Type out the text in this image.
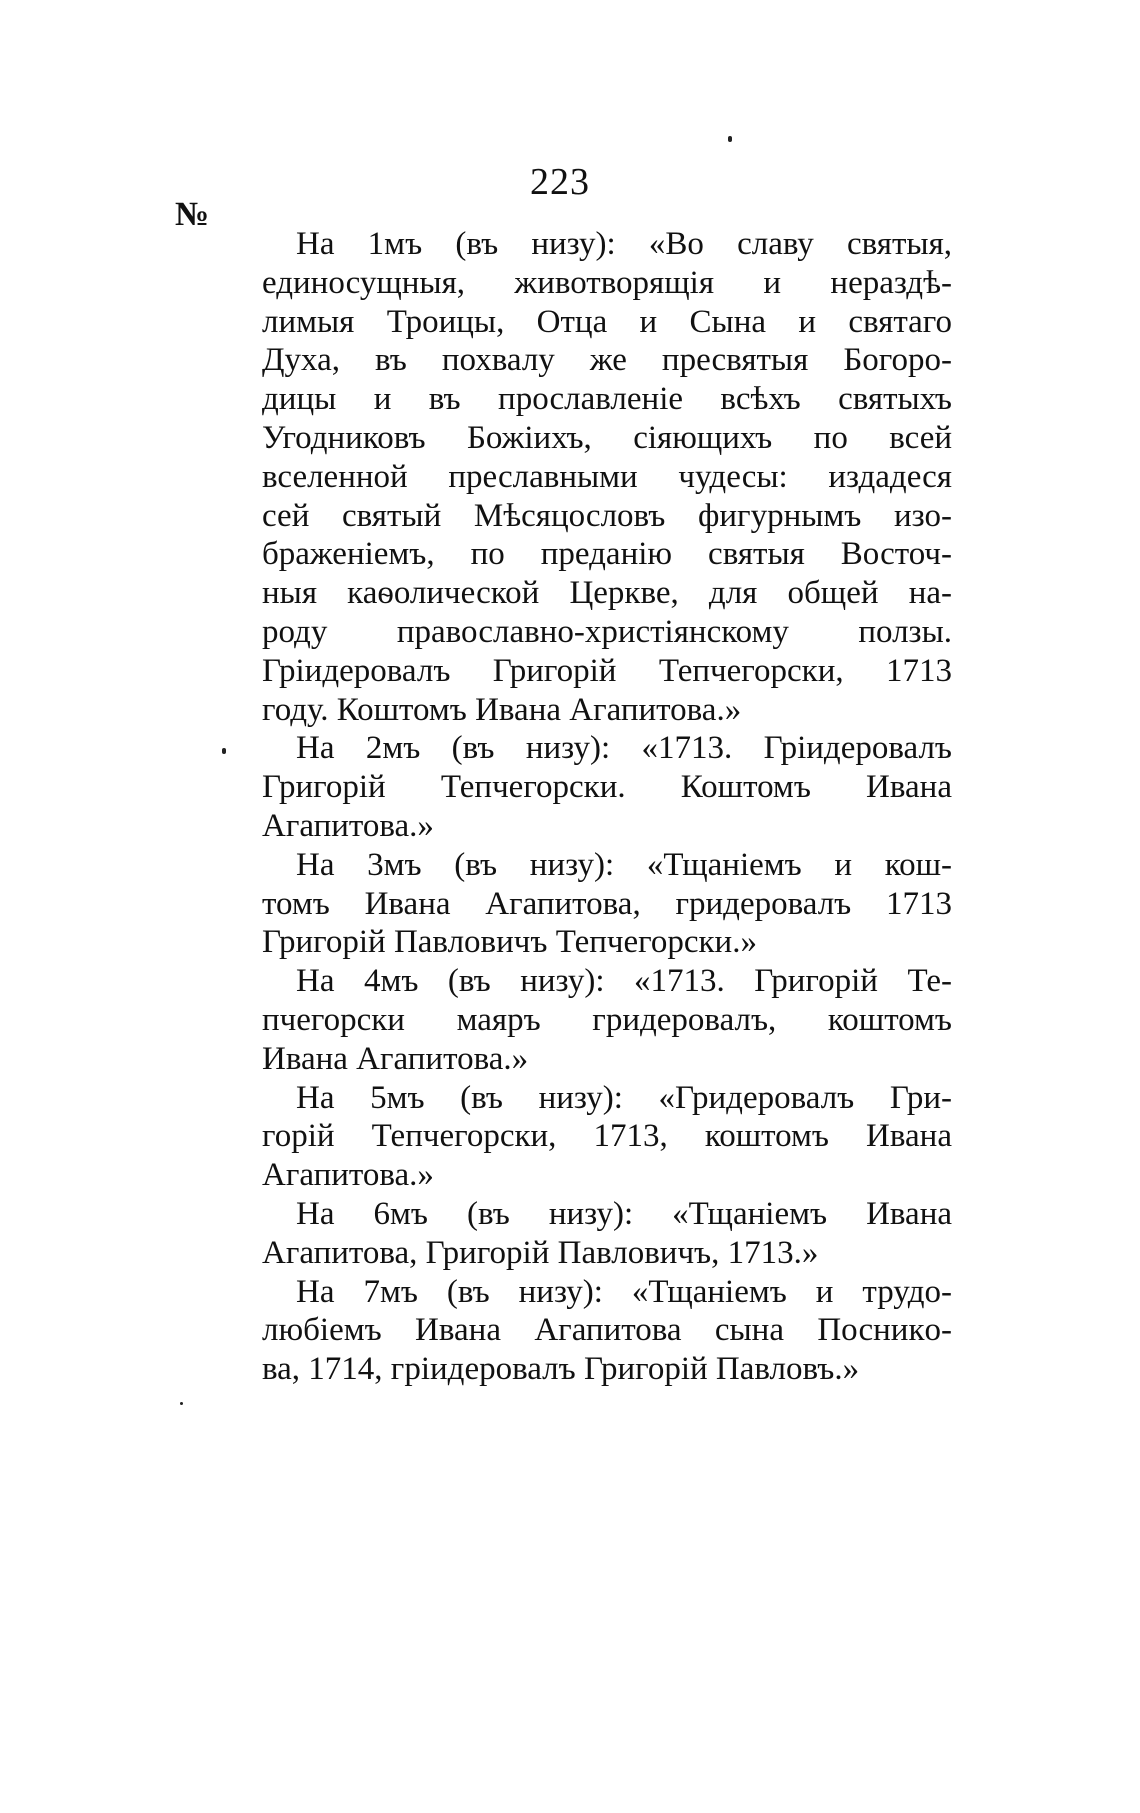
223
№
На 1мъ (въ низу): «Во славу святыя,
единосущныя, животворящія и нераздѣ-
лимыя Троицы, Отца и Сына и святаго
Духа, въ похвалу же пресвятыя Богоро-
дицы и въ прославленіе всѣхъ святыхъ
Угодниковъ Божіихъ, сіяющихъ по всей
вселенной преславными чудесы: издадеся
сей святый Мѣсяцословъ фигурнымъ изо-
браженіемъ, по преданію святыя Восточ-
ныя каѳолической Церкве, для общей на-
роду православно-христіянскому ползы.
Гріидеровалъ Григорій Тепчегорски, 1713
году. Коштомъ Ивана Агапитова.»
На 2мъ (въ низу): «1713. Гріидеровалъ
Григорій Тепчегорски. Коштомъ Ивана
Агапитова.»
На 3мъ (въ низу): «Тщаніемъ и кош-
томъ Ивана Агапитова, гридеровалъ 1713
Григорій Павловичъ Тепчегорски.»
На 4мъ (въ низу): «1713. Григорій Те-
пчегорски маяръ гридеровалъ, коштомъ
Ивана Агапитова.»
На 5мъ (въ низу): «Гридеровалъ Гри-
горій Тепчегорски, 1713, коштомъ Ивана
Агапитова.»
На 6мъ (въ низу): «Тщаніемъ Ивана
Агапитова, Григорій Павловичъ, 1713.»
На 7мъ (въ низу): «Тщаніемъ и трудо-
любіемъ Ивана Агапитова сына Посникo-
ва, 1714, гріидеровалъ Григорій Павловъ.»
